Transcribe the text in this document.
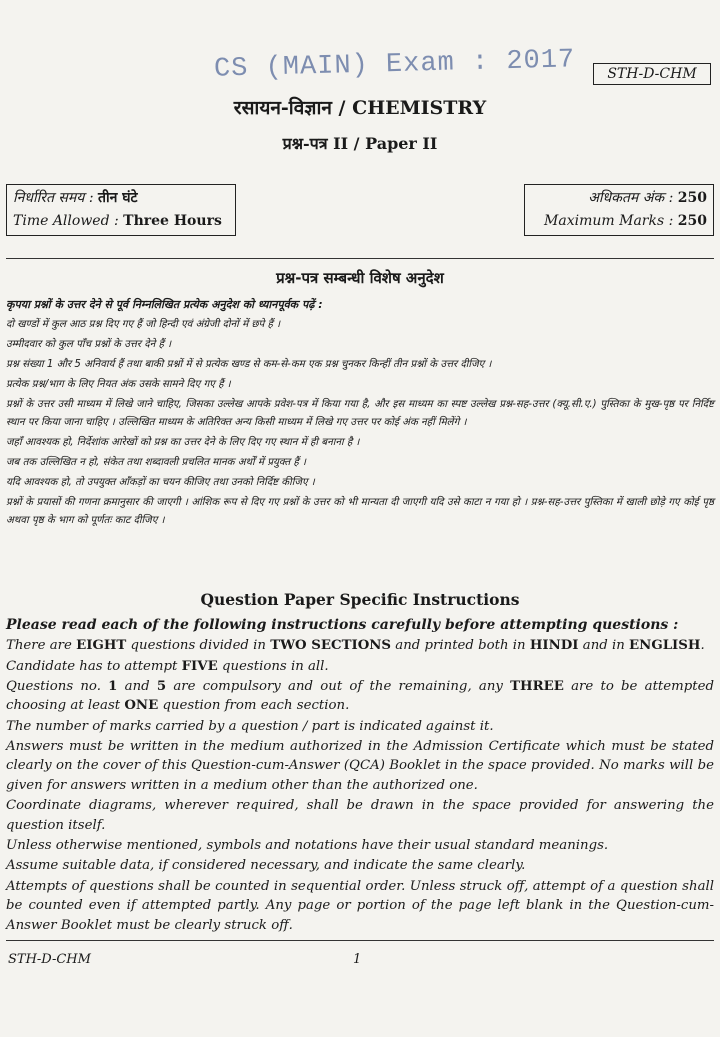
CS (MAIN) Exam : 2017	STH-D-CHM
रसायन-विज्ञान / CHEMISTRY
प्रश्न-पत्र II / Paper II
निर्धारित समय : तीन घंटे
Time Allowed : Three Hours
अधिकतम अंक : 250
Maximum Marks : 250
प्रश्न-पत्र सम्बन्धी विशेष अनुदेश

कृपया प्रश्नों के उत्तर देने से पूर्व निम्नलिखित प्रत्येक अनुदेश को ध्यानपूर्वक पढ़ें :

दो खण्डों में कुल आठ प्रश्न दिए गए हैं जो हिन्दी एवं अंग्रेजी दोनों में छपे हैं ।

उम्मीदवार को कुल पाँच प्रश्नों के उत्तर देने हैं ।

प्रश्न संख्या 1 और 5 अनिवार्य हैं तथा बाकी प्रश्नों में से प्रत्येक खण्ड से कम-से-कम एक प्रश्न चुनकर किन्हीं तीन प्रश्नों के उत्तर दीजिए ।

प्रत्येक प्रश्न/भाग के लिए नियत अंक उसके सामने दिए गए हैं ।

प्रश्नों के उत्तर उसी माध्यम में लिखे जाने चाहिए, जिसका उल्लेख आपके प्रवेश-पत्र में किया गया है, और इस माध्यम का स्पष्ट उल्लेख प्रश्न-सह-उत्तर (क्यू.सी.ए.) पुस्तिका के मुख-पृष्ठ पर निर्दिष्ट स्थान पर किया जाना चाहिए । उल्लिखित माध्यम के अतिरिक्त अन्य किसी माध्यम में लिखे गए उत्तर पर कोई अंक नहीं मिलेंगे ।

जहाँ आवश्यक हो, निर्देशांक आरेखों को प्रश्न का उत्तर देने के लिए दिए गए स्थान में ही बनाना है ।

जब तक उल्लिखित न हो, संकेत तथा शब्दावली प्रचलित मानक अर्थों में प्रयुक्त हैं ।

यदि आवश्यक हो, तो उपयुक्त आँकड़ों का चयन कीजिए तथा उनको निर्दिष्ट कीजिए ।

प्रश्नों के प्रयासों की गणना क्रमानुसार की जाएगी । आंशिक रूप से दिए गए प्रश्नों के उत्तर को भी मान्यता दी जाएगी यदि उसे काटा न गया हो । प्रश्न-सह-उत्तर पुस्तिका में खाली छोड़े गए कोई पृष्ठ अथवा पृष्ठ के भाग को पूर्णतः काट दीजिए ।

Question Paper Specific Instructions

Please read each of the following instructions carefully before attempting questions :

There are EIGHT questions divided in TWO SECTIONS and printed both in HINDI and in ENGLISH.

Candidate has to attempt FIVE questions in all.

Questions no. 1 and 5 are compulsory and out of the remaining, any THREE are to be attempted choosing at least ONE question from each section.

The number of marks carried by a question / part is indicated against it.

Answers must be written in the medium authorized in the Admission Certificate which must be stated clearly on the cover of this Question-cum-Answer (QCA) Booklet in the space provided. No marks will be given for answers written in a medium other than the authorized one.

Coordinate diagrams, wherever required, shall be drawn in the space provided for answering the question itself.

Unless otherwise mentioned, symbols and notations have their usual standard meanings.

Assume suitable data, if considered necessary, and indicate the same clearly.

Attempts of questions shall be counted in sequential order. Unless struck off, attempt of a question shall be counted even if attempted partly. Any page or portion of the page left blank in the Question-cum-Answer Booklet must be clearly struck off.

STH-D-CHM	1
